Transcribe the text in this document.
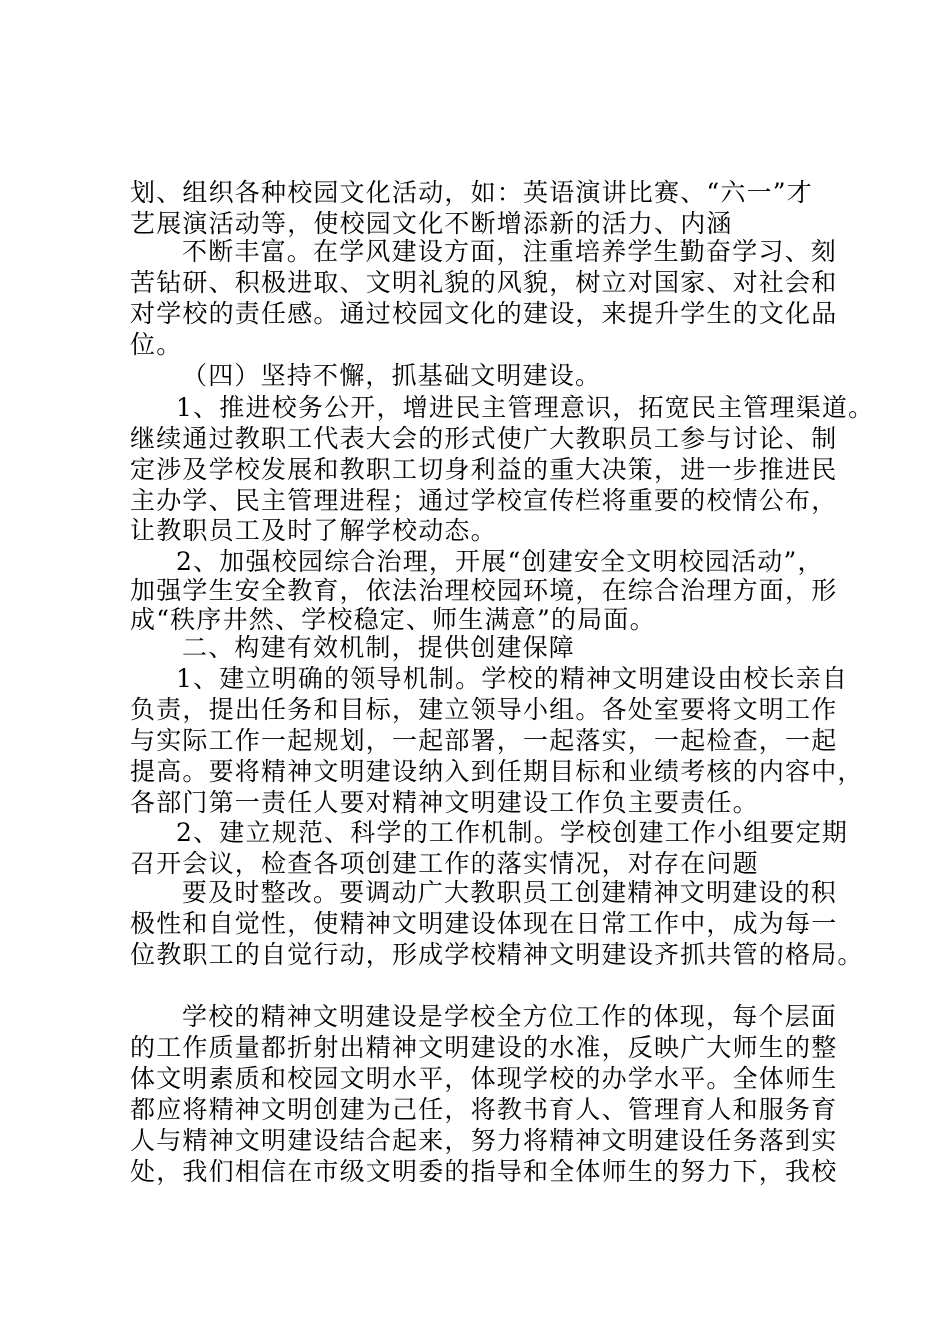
划、组织各种校园文化活动，如：英语演讲比赛、“六一”才
艺展演活动等，使校园文化不断增添新的活力、内涵
不断丰富。在学风建设方面，注重培养学生勤奋学习、刻
苦钻研、积极进取、文明礼貌的风貌，树立对国家、对社会和
对学校的责任感。通过校园文化的建设，来提升学生的文化品
位。
（四）坚持不懈，抓基础文明建设。
1、推进校务公开，增进民主管理意识，拓宽民主管理渠道。
继续通过教职工代表大会的形式使广大教职员工参与讨论、制
定涉及学校发展和教职工切身利益的重大决策，进一步推进民
主办学、民主管理进程；通过学校宣传栏将重要的校情公布，
让教职员工及时了解学校动态。
2、加强校园综合治理，开展“创建安全文明校园活动”，
加强学生安全教育，依法治理校园环境，在综合治理方面，形
成“秩序井然、学校稳定、师生满意”的局面。
二、构建有效机制，提供创建保障
1、建立明确的领导机制。学校的精神文明建设由校长亲自
负责，提出任务和目标，建立领导小组。各处室要将文明工作
与实际工作一起规划，一起部署，一起落实，一起检查，一起
提高。要将精神文明建设纳入到任期目标和业绩考核的内容中，
各部门第一责任人要对精神文明建设工作负主要责任。
2、建立规范、科学的工作机制。学校创建工作小组要定期
召开会议，检查各项创建工作的落实情况，对存在问题
要及时整改。要调动广大教职员工创建精神文明建设的积
极性和自觉性，使精神文明建设体现在日常工作中，成为每一
位教职工的自觉行动，形成学校精神文明建设齐抓共管的格局。
学校的精神文明建设是学校全方位工作的体现，每个层面
的工作质量都折射出精神文明建设的水准，反映广大师生的整
体文明素质和校园文明水平，体现学校的办学水平。全体师生
都应将精神文明创建为己任，将教书育人、管理育人和服务育
人与精神文明建设结合起来，努力将精神文明建设任务落到实
处，我们相信在市级文明委的指导和全体师生的努力下，我校
